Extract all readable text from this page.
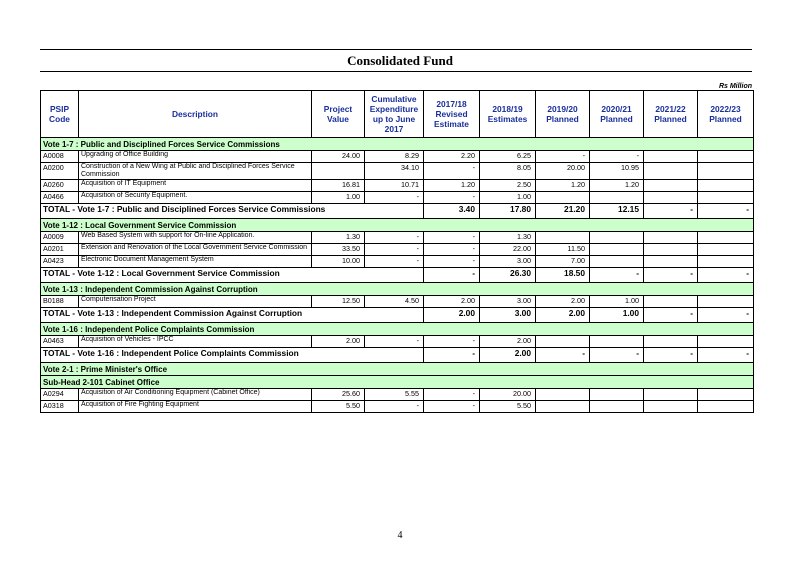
Consolidated Fund
Rs Million
PSIP Code	Description	Project Value	Cumulative Expenditure up to June 2017	2017/18 Revised Estimate	2018/19 Estimates	2019/20 Planned	2020/21 Planned	2021/22 Planned	2022/23 Planned
Vote 1-7 : Public and Disciplined Forces Service Commissions									
A0008	Upgrading of Office Building	24.00	8.29	2.20	6.25	-	-		
A0200	Construction of a New Wing at Public and Disciplined Forces Service Commission		34.10	-	8.05	20.00	10.95		
A0260	Acquisition of IT Equipment	16.81	10.71	1.20	2.50	1.20	1.20		
A0466	Acquisition of Security Equipment.	1.00	-	-	1.00				
TOTAL - Vote 1-7 : Public and Disciplined Forces Service Commissions				3.40	17.80	21.20	12.15	-	-
Vote 1-12 : Local Government Service Commission									
A0009	Web Based System with support for On-line Application.	1.30	-	-	1.30				
A0201	Extension and Renovation of the Local Government Service Commission	33.50	-	-	22.00	11.50			
A0423	Electronic Document Management System	10.00	-	-	3.00	7.00			
TOTAL - Vote 1-12 : Local Government Service Commission				-	26.30	18.50	-	-	-
Vote 1-13 : Independent Commission Against Corruption									
B0188	Computerisation Project	12.50	4.50	2.00	3.00	2.00	1.00		
TOTAL - Vote 1-13 : Independent Commission Against Corruption				2.00	3.00	2.00	1.00	-	-
Vote 1-16 : Independent Police Complaints Commission									
A0463	Acquisition of Vehicles - IPCC	2.00	-	-	2.00				
TOTAL - Vote 1-16 : Independent Police Complaints Commission				-	2.00	-	-	-	-
Vote 2-1 : Prime Minister's Office									
Sub-Head 2-101 Cabinet Office									
A0294	Acquisition of Air Conditioning Equipment (Cabinet Office)	25.60	5.55	-	20.00				
A0318	Acquisition of Fire Fighting Equipment	5.50	-	-	5.50				
4
